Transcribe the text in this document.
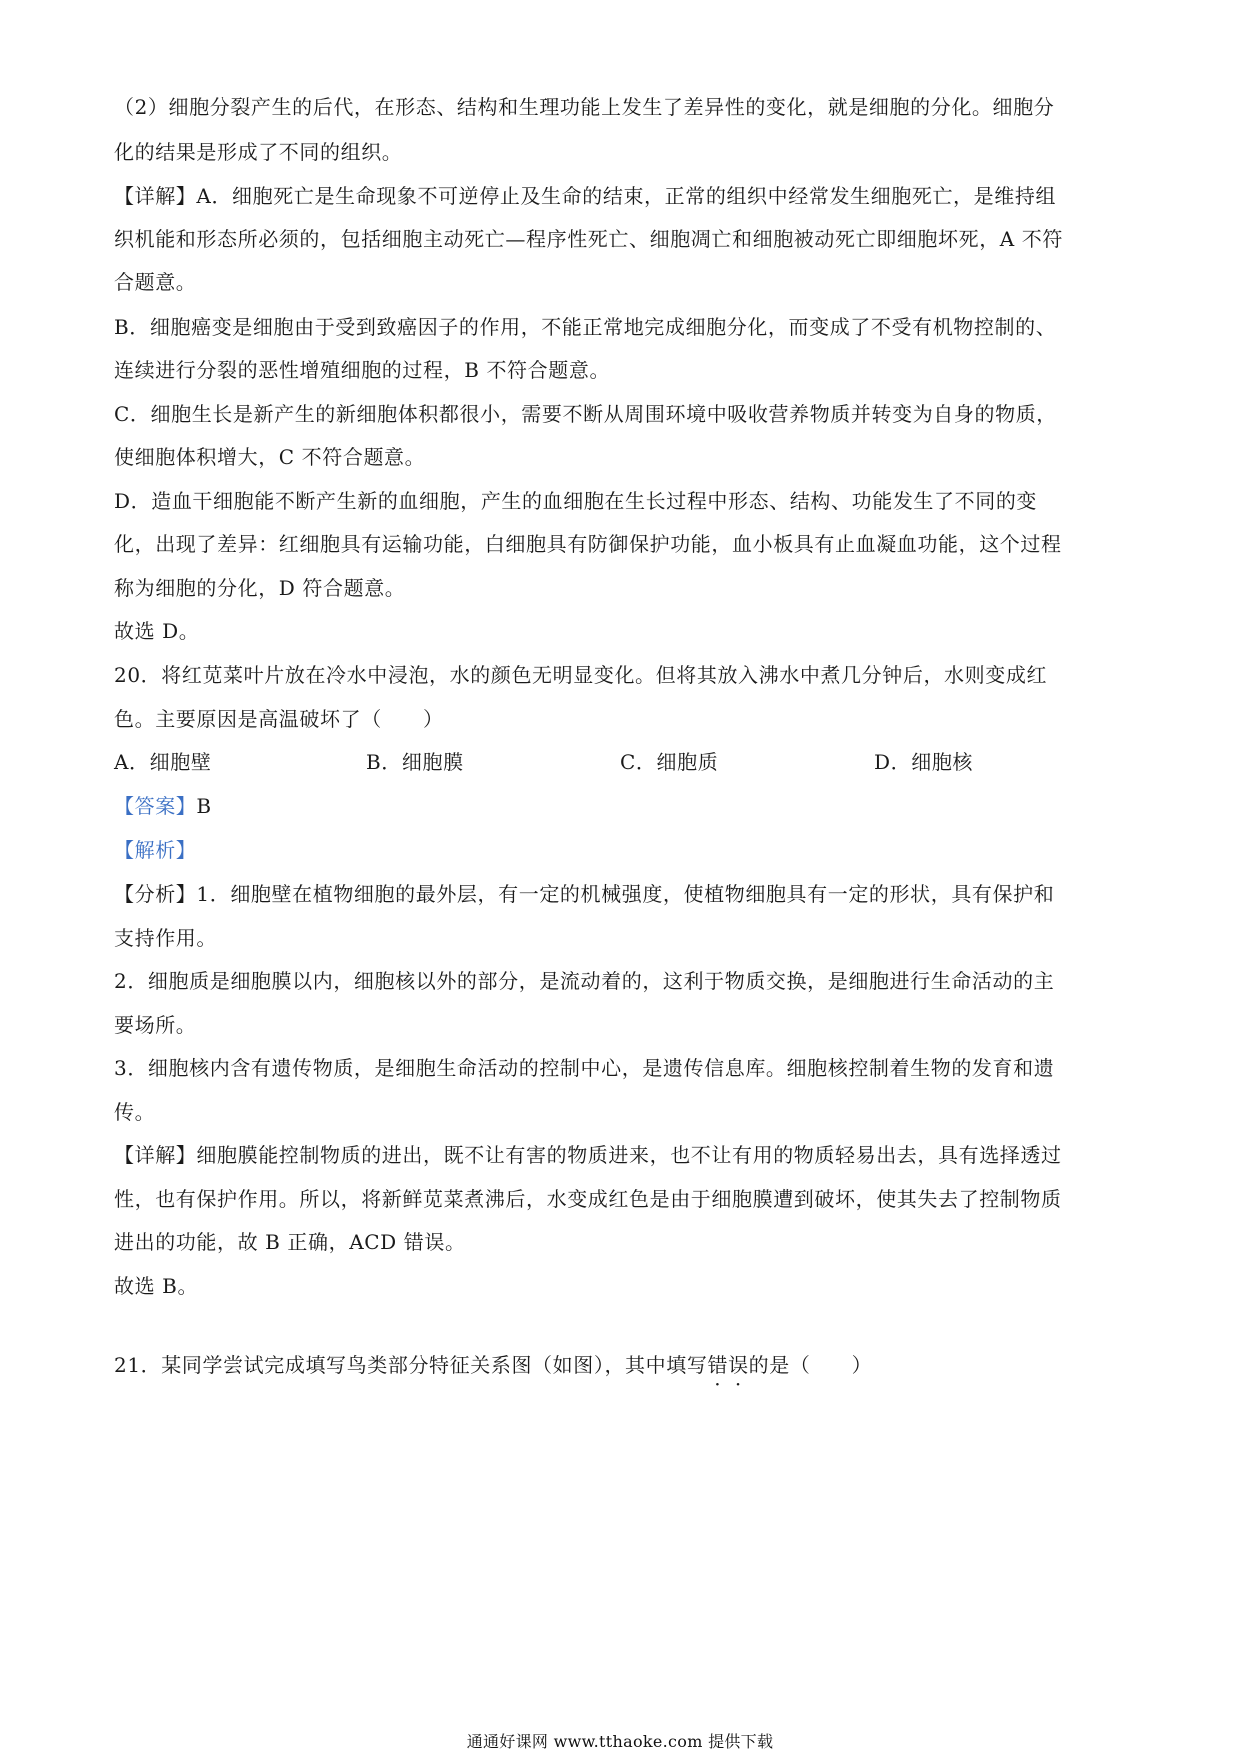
（2）细胞分裂产生的后代，在形态、结构和生理功能上发生了差异性的变化，就是细胞的分化。细胞分
化的结果是形成了不同的组织。
【详解】A．细胞死亡是生命现象不可逆停止及生命的结束，正常的组织中经常发生细胞死亡，是维持组
织机能和形态所必须的，包括细胞主动死亡—程序性死亡、细胞凋亡和细胞被动死亡即细胞坏死，A 不符
合题意。
B．细胞癌变是细胞由于受到致癌因子的作用，不能正常地完成细胞分化，而变成了不受有机物控制的、
连续进行分裂的恶性增殖细胞的过程，B 不符合题意。
C．细胞生长是新产生的新细胞体积都很小，需要不断从周围环境中吸收营养物质并转变为自身的物质，
使细胞体积增大，C 不符合题意。
D．造血干细胞能不断产生新的血细胞，产生的血细胞在生长过程中形态、结构、功能发生了不同的变
化，出现了差异：红细胞具有运输功能，白细胞具有防御保护功能，血小板具有止血凝血功能，这个过程
称为细胞的分化，D 符合题意。
故选 D。
20．将红苋菜叶片放在冷水中浸泡，水的颜色无明显变化。但将其放入沸水中煮几分钟后，水则变成红
色。主要原因是高温破坏了（　　）
A．细胞壁	B．细胞膜	C．细胞质	D．细胞核
【答案】B
【解析】
【分析】1．细胞壁在植物细胞的最外层，有一定的机械强度，使植物细胞具有一定的形状，具有保护和
支持作用。
2．细胞质是细胞膜以内，细胞核以外的部分，是流动着的，这利于物质交换，是细胞进行生命活动的主
要场所。
3．细胞核内含有遗传物质，是细胞生命活动的控制中心，是遗传信息库。细胞核控制着生物的发育和遗
传。
【详解】细胞膜能控制物质的进出，既不让有害的物质进来，也不让有用的物质轻易出去，具有选择透过
性，也有保护作用。所以，将新鲜苋菜煮沸后，水变成红色是由于细胞膜遭到破坏，使其失去了控制物质
进出的功能，故 B 正确，ACD 错误。
故选 B。
21．某同学尝试完成填写鸟类部分特征关系图（如图），其中填写错误的是（　　）
通通好课网 www.tthaoke.com 提供下载
